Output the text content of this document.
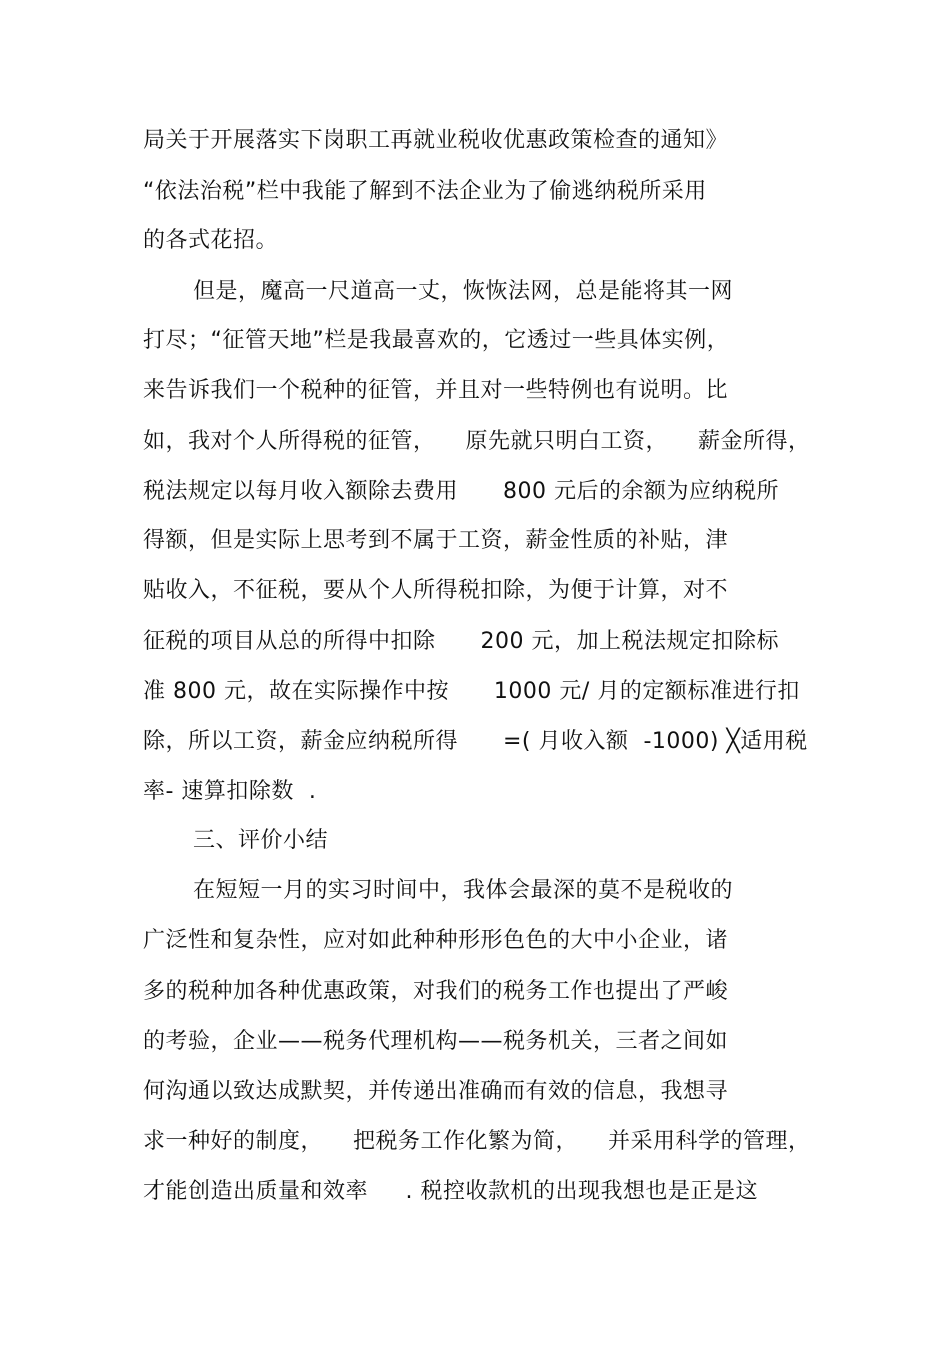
局关于开展落实下岗职工再就业税收优惠政策检查的通知》
“依法治税”栏中我能了解到不法企业为了偷逃纳税所采用
的各式花招。
但是，魔高一尺道高一丈，恢恢法网，总是能将其一网
打尽；“征管天地”栏是我最喜欢的，它透过一些具体实例，
来告诉我们一个税种的征管，并且对一些特例也有说明。比
如，我对个人所得税的征管，    原先就只明白工资，    薪金所得，
税法规定以每月收入额除去费用      800 元后的余额为应纳税所
得额，但是实际上思考到不属于工资，薪金性质的补贴，津
贴收入，不征税，要从个人所得税扣除，为便于计算，对不
征税的项目从总的所得中扣除      200 元，加上税法规定扣除标
准 800 元，故在实际操作中按      1000 元/ 月的定额标准进行扣
除，所以工资，薪金应纳税所得      =( 月收入额  -1000) ╳适用税
率- 速算扣除数  .
三、评价小结
在短短一月的实习时间中，我体会最深的莫不是税收的
广泛性和复杂性，应对如此种种形形色色的大中小企业，诸
多的税种加各种优惠政策，对我们的税务工作也提出了严峻
的考验，企业——税务代理机构——税务机关，三者之间如
何沟通以致达成默契，并传递出准确而有效的信息，我想寻
求一种好的制度，    把税务工作化繁为简，    并采用科学的管理，
才能创造出质量和效率     . 税控收款机的出现我想也是正是这
